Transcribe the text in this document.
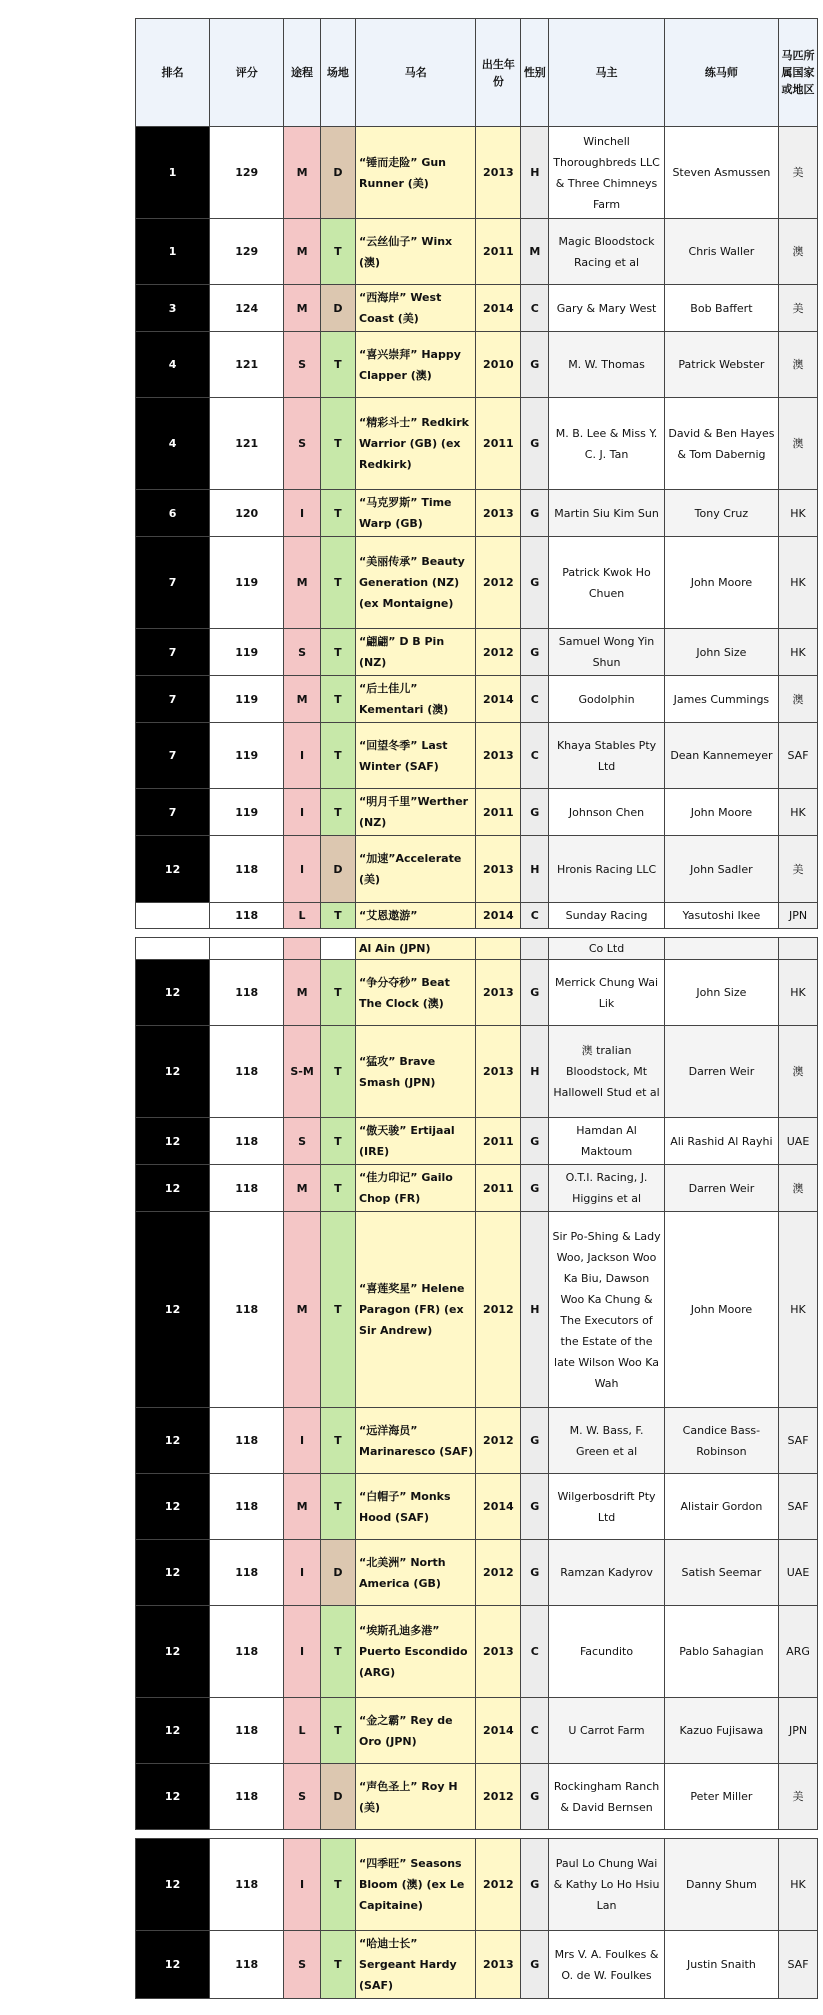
排名	评分	途程	场地	马名	出生年份	性别	马主	练马师	马匹所属国家或地区
1	129	M	D	“锤而走险” Gun Runner (美)	2013	H	Winchell Thoroughbreds LLC & Three Chimneys Farm	Steven Asmussen	美
1	129	M	T	“云丝仙子” Winx (澳)	2011	M	Magic Bloodstock Racing et al	Chris Waller	澳
3	124	M	D	“西海岸” West Coast (美)	2014	C	Gary & Mary West	Bob Baffert	美
4	121	S	T	“喜兴崇拜” Happy Clapper (澳)	2010	G	M. W. Thomas	Patrick Webster	澳
4	121	S	T	“精彩斗士” Redkirk Warrior (GB) (ex Redkirk)	2011	G	M. B. Lee & Miss Y. C. J. Tan	David & Ben Hayes & Tom Dabernig	澳
6	120	I	T	“马克罗斯” Time Warp (GB)	2013	G	Martin Siu Kim Sun	Tony Cruz	HK
7	119	M	T	“美丽传承” Beauty Generation (NZ) (ex Montaigne)	2012	G	Patrick Kwok Ho Chuen	John Moore	HK
7	119	S	T	“翩翩” D B Pin (NZ)	2012	G	Samuel Wong Yin Shun	John Size	HK
7	119	M	T	“后土佳儿” Kementari (澳)	2014	C	Godolphin	James Cummings	澳
7	119	I	T	“回望冬季” Last Winter (SAF)	2013	C	Khaya Stables Pty Ltd	Dean Kannemeyer	SAF
7	119	I	T	“明月千里”Werther (NZ)	2011	G	Johnson Chen	John Moore	HK
12	118	I	D	“加速”Accelerate (美)	2013	H	Hronis Racing LLC	John Sadler	美
12	118	L	T	“艾恩遨游”	2014	C	Sunday Racing	Yasutoshi Ikee	JPN

				Al Ain (JPN)			Co Ltd		
12	118	M	T	“争分夺秒” Beat The Clock (澳)	2013	G	Merrick Chung Wai Lik	John Size	HK
12	118	S-M	T	“猛攻” Brave Smash (JPN)	2013	H	澳 tralian Bloodstock, Mt Hallowell Stud et al	Darren Weir	澳
12	118	S	T	“傲天骏” Ertijaal (IRE)	2011	G	Hamdan Al Maktoum	Ali Rashid Al Rayhi	UAE
12	118	M	T	“佳力印记” Gailo Chop (FR)	2011	G	O.T.I. Racing, J. Higgins et al	Darren Weir	澳
12	118	M	T	“喜莲奖星” Helene Paragon (FR) (ex Sir Andrew)	2012	H	Sir Po-Shing & Lady Woo, Jackson Woo Ka Biu, Dawson Woo Ka Chung & The Executors of the Estate of the late Wilson Woo Ka Wah	John Moore	HK
12	118	I	T	“远洋海员” Marinaresco (SAF)	2012	G	M. W. Bass, F. Green et al	Candice Bass-Robinson	SAF
12	118	M	T	“白帽子” Monks Hood (SAF)	2014	G	Wilgerbosdrift Pty Ltd	Alistair Gordon	SAF
12	118	I	D	“北美洲” North America (GB)	2012	G	Ramzan Kadyrov	Satish Seemar	UAE
12	118	I	T	“埃斯孔迪多港” Puerto Escondido (ARG)	2013	C	Facundito	Pablo Sahagian	ARG
12	118	L	T	“金之霸” Rey de Oro (JPN)	2014	C	U Carrot Farm	Kazuo Fujisawa	JPN
12	118	S	D	“声色圣上” Roy H (美)	2012	G	Rockingham Ranch & David Bernsen	Peter Miller	美

12	118	I	T	“四季旺” Seasons Bloom (澳) (ex Le Capitaine)	2012	G	Paul Lo Chung Wai & Kathy Lo Ho Hsiu Lan	Danny Shum	HK
12	118	S	T	“哈迪士长” Sergeant Hardy (SAF)	2013	G	Mrs V. A. Foulkes & O. de W. Foulkes	Justin Snaith	SAF
